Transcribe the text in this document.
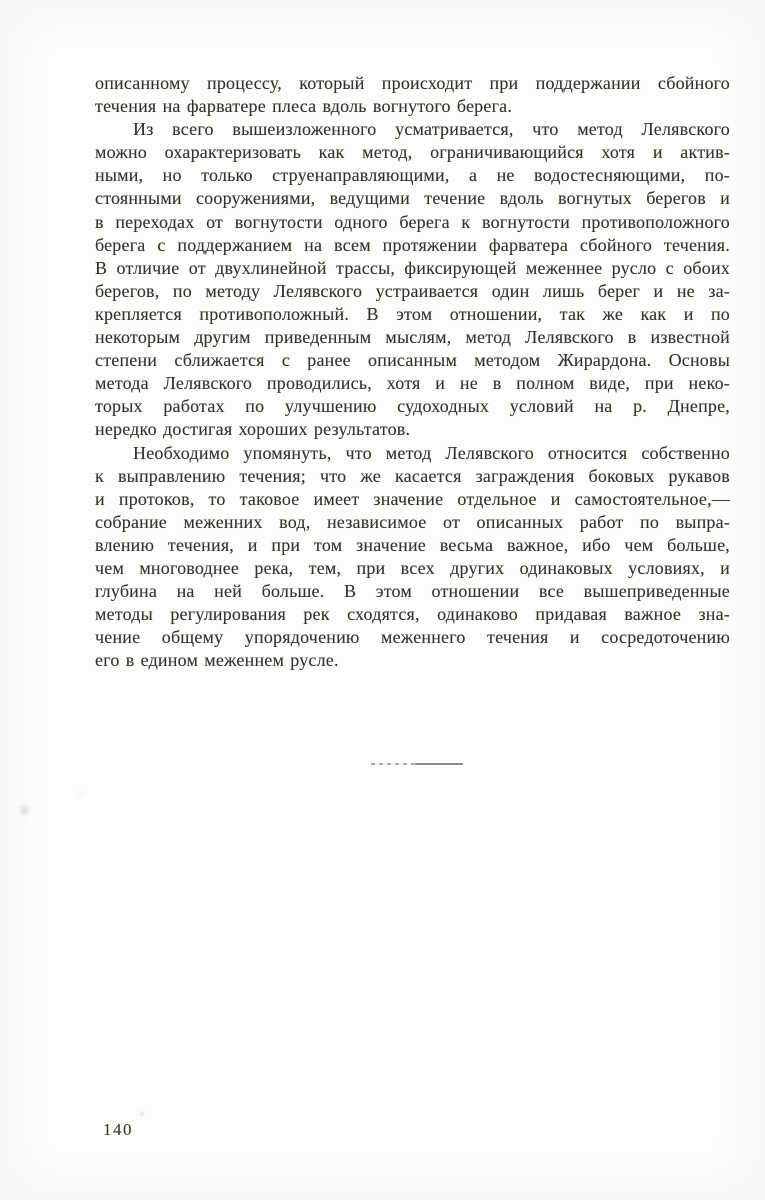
описанному процессу, который происходит при поддержании сбойного
течения на фарватере плеса вдоль вогнутого берега.
Из всего вышеизложенного усматривается, что метод Лелявского
можно охарактеризовать как метод, ограничивающийся хотя и актив-
ными, но только струенаправляющими, а не водостесняющими, по-
стоянными сооружениями, ведущими течение вдоль вогнутых берегов и
в переходах от вогнутости одного берега к вогнутости противоположного
берега с поддержанием на всем протяжении фарватера сбойного течения.
В отличие от двухлинейной трассы, фиксирующей меженнее русло с обоих
берегов, по методу Лелявского устраивается один лишь берег и не за-
крепляется противоположный. В этом отношении, так же как и по
некоторым другим приведенным мыслям, метод Лелявского в известной
степени сближается с ранее описанным методом Жирардона. Основы
метода Лелявского проводились, хотя и не в полном виде, при неко-
торых работах по улучшению судоходных условий на р. Днепре,
нередко достигая хороших результатов.
Необходимо упомянуть, что метод Лелявского относится собственно
к выправлению течения; что же касается заграждения боковых рукавов
и протоков, то таковое имеет значение отдельное и самостоятельное,—
собрание меженних вод, независимое от описанных работ по выпра-
влению течения, и при том значение весьма важное, ибо чем больше,
чем многоводнее река, тем, при всех других одинаковых условиях, и
глубина на ней больше. В этом отношении все вышеприведенные
методы регулирования рек сходятся, одинаково придавая важное зна-
чение общему упорядочению меженнего течения и сосредоточению
его в едином меженнем русле.
140
